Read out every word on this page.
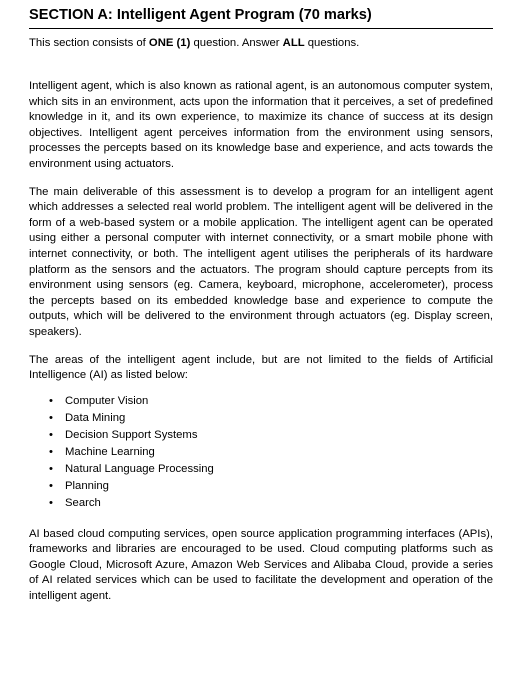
SECTION A: Intelligent Agent Program (70 marks)

This section consists of ONE (1) question. Answer ALL questions.

Intelligent agent, which is also known as rational agent, is an autonomous computer system, which sits in an environment, acts upon the information that it perceives, a set of predefined knowledge in it, and its own experience, to maximize its chance of success at its design objectives. Intelligent agent perceives information from the environment using sensors, processes the percepts based on its knowledge base and experience, and acts towards the environment using actuators.

The main deliverable of this assessment is to develop a program for an intelligent agent which addresses a selected real world problem. The intelligent agent will be delivered in the form of a web-based system or a mobile application. The intelligent agent can be operated using either a personal computer with internet connectivity, or a smart mobile phone with internet connectivity, or both. The intelligent agent utilises the peripherals of its hardware platform as the sensors and the actuators. The program should capture percepts from its environment using sensors (eg. Camera, keyboard, microphone, accelerometer), process the percepts based on its embedded knowledge base and experience to compute the outputs, which will be delivered to the environment through actuators (eg. Display screen, speakers).

The areas of the intelligent agent include, but are not limited to the fields of Artificial Intelligence (AI) as listed below:

• Computer Vision
• Data Mining
• Decision Support Systems
• Machine Learning
• Natural Language Processing
• Planning
• Search

AI based cloud computing services, open source application programming interfaces (APIs), frameworks and libraries are encouraged to be used. Cloud computing platforms such as Google Cloud, Microsoft Azure, Amazon Web Services and Alibaba Cloud, provide a series of AI related services which can be used to facilitate the development and operation of the intelligent agent.
